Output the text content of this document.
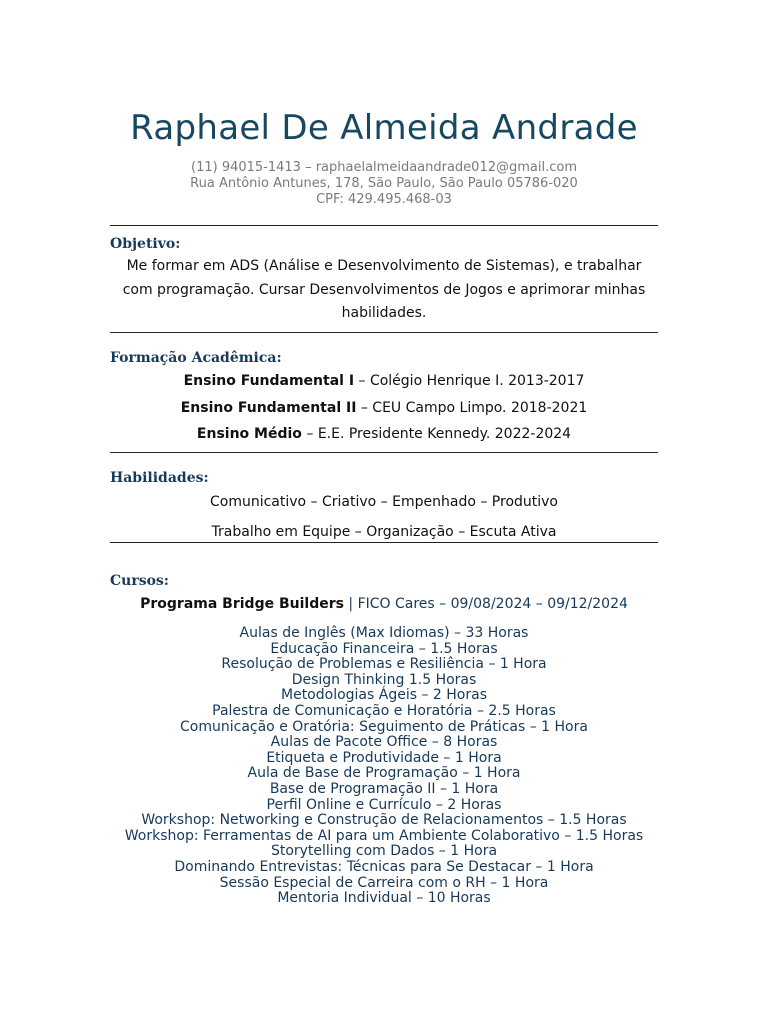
Raphael De Almeida Andrade
(11) 94015-1413 – raphaelalmeidaandrade012@gmail.com
Rua Antônio Antunes, 178, São Paulo, São Paulo 05786-020
CPF: 429.495.468-03
Objetivo:
Me formar em ADS (Análise e Desenvolvimento de Sistemas), e trabalhar com programação. Cursar Desenvolvimentos de Jogos e aprimorar minhas habilidades.
Formação Acadêmica:
Ensino Fundamental I – Colégio Henrique I. 2013-2017
Ensino Fundamental II – CEU Campo Limpo. 2018-2021
Ensino Médio – E.E. Presidente Kennedy. 2022-2024
Habilidades:
Comunicativo – Criativo – Empenhado – Produtivo
Trabalho em Equipe – Organização – Escuta Ativa
Cursos:
Programa Bridge Builders | FICO Cares – 09/08/2024 – 09/12/2024
Aulas de Inglês (Max Idiomas) – 33 Horas
Educação Financeira – 1.5 Horas
Resolução de Problemas e Resiliência – 1 Hora
Design Thinking 1.5 Horas
Metodologias Ágeis – 2 Horas
Palestra de Comunicação e Horatória – 2.5 Horas
Comunicação e Oratória: Seguimento de Práticas – 1 Hora
Aulas de Pacote Office – 8 Horas
Etiqueta e Produtividade – 1 Hora
Aula de Base de Programação – 1 Hora
Base de Programação II – 1 Hora
Perfil Online e Currículo – 2 Horas
Workshop: Networking e Construção de Relacionamentos – 1.5 Horas
Workshop: Ferramentas de AI para um Ambiente Colaborativo – 1.5 Horas
Storytelling com Dados – 1 Hora
Dominando Entrevistas: Técnicas para Se Destacar – 1 Hora
Sessão Especial de Carreira com o RH – 1 Hora
Mentoria Individual – 10 Horas
